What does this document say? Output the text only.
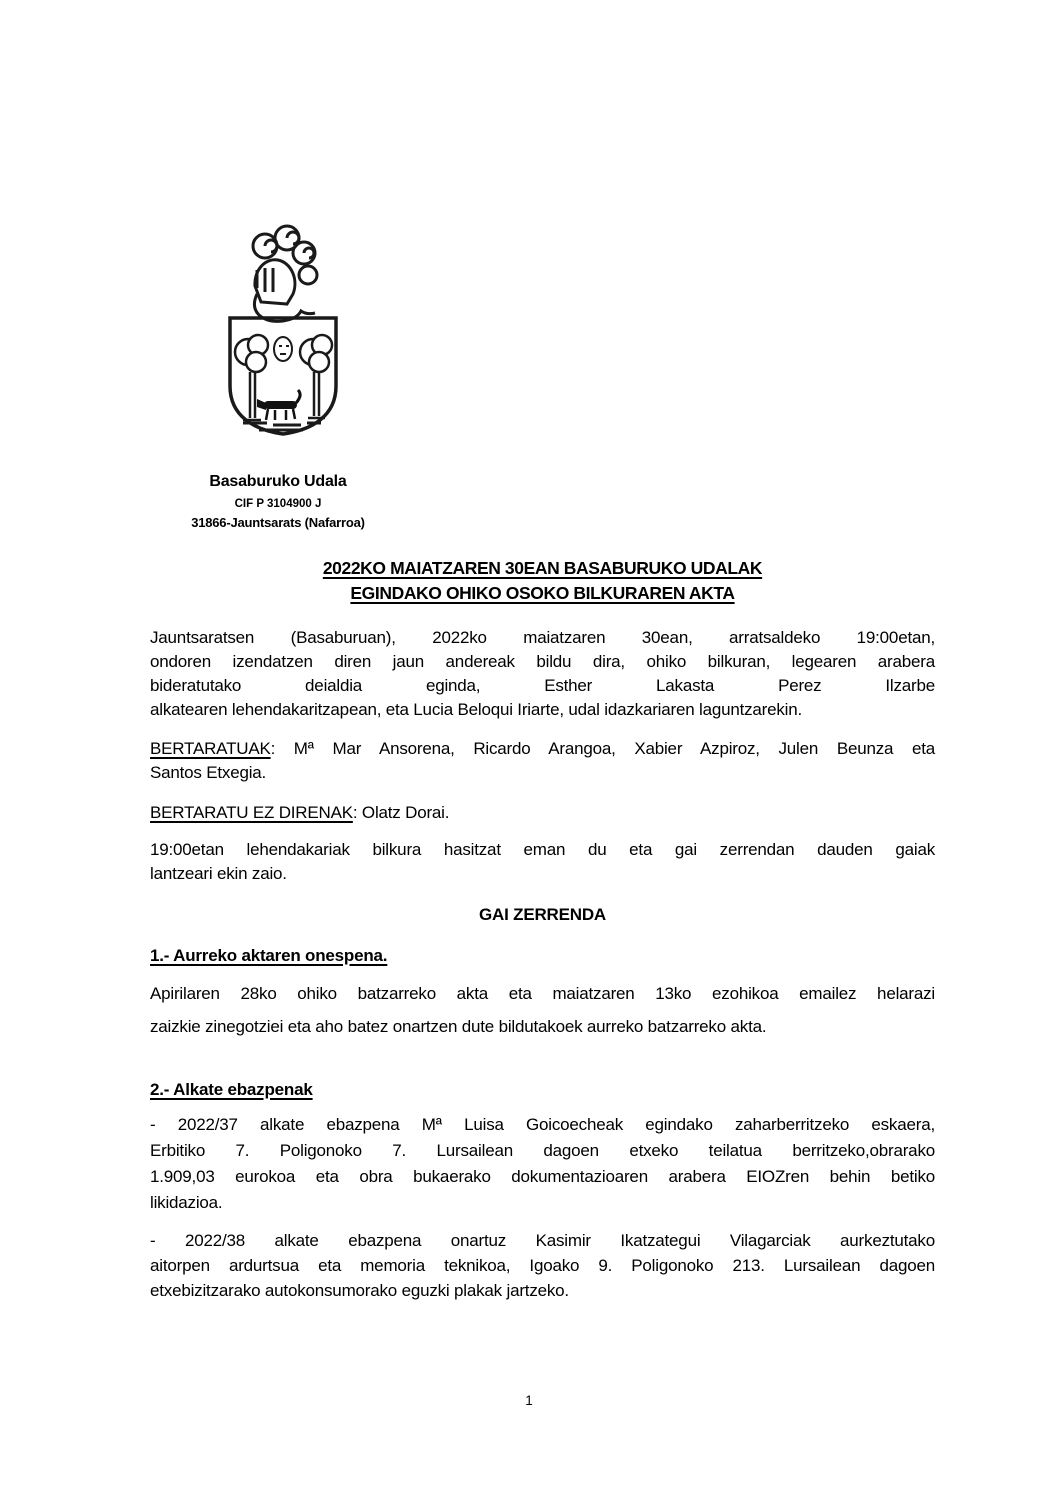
Basaburuko Udala
CIF P 3104900 J
31866-Jauntsarats (Nafarroa)
2022KO MAIATZAREN 30EAN BASABURUKO UDALAK
EGINDAKO OHIKO OSOKO BILKURAREN AKTA
Jauntsaratsen (Basaburuan), 2022ko maiatzaren 30ean, arratsaldeko 19:00etan,
ondoren izendatzen diren jaun andereak bildu dira, ohiko bilkuran, legearen arabera
bideratutako deialdia eginda, Esther Lakasta Perez Ilzarbe
alkatearen lehendakaritzapean, eta Lucia Beloqui Iriarte, udal idazkariaren laguntzarekin.
BERTARATUAK: Mª Mar Ansorena, Ricardo Arangoa, Xabier Azpiroz, Julen Beunza eta
Santos Etxegia.
BERTARATU EZ DIRENAK: Olatz Dorai.
19:00etan lehendakariak bilkura hasitzat eman du eta gai zerrendan dauden gaiak
lantzeari ekin zaio.
GAI ZERRENDA
1.- Aurreko aktaren onespena.
Apirilaren 28ko ohiko batzarreko akta eta maiatzaren 13ko ezohikoa emailez helarazi
zaizkie zinegotziei eta aho batez onartzen dute bildutakoek aurreko batzarreko akta.
2.- Alkate ebazpenak
- 2022/37 alkate ebazpena Mª Luisa Goicoecheak egindako zaharberritzeko eskaera,
Erbitiko 7. Poligonoko 7. Lursailean dagoen etxeko teilatua berritzeko,obrarako
1.909,03 eurokoa eta obra bukaerako dokumentazioaren arabera EIOZren behin betiko
likidazioa.
- 2022/38 alkate ebazpena onartuz Kasimir Ikatzategui Vilagarciak aurkeztutako
aitorpen ardurtsua eta memoria teknikoa, Igoako 9. Poligonoko 213. Lursailean dagoen
etxebizitzarako autokonsumorako eguzki plakak jartzeko.
1
